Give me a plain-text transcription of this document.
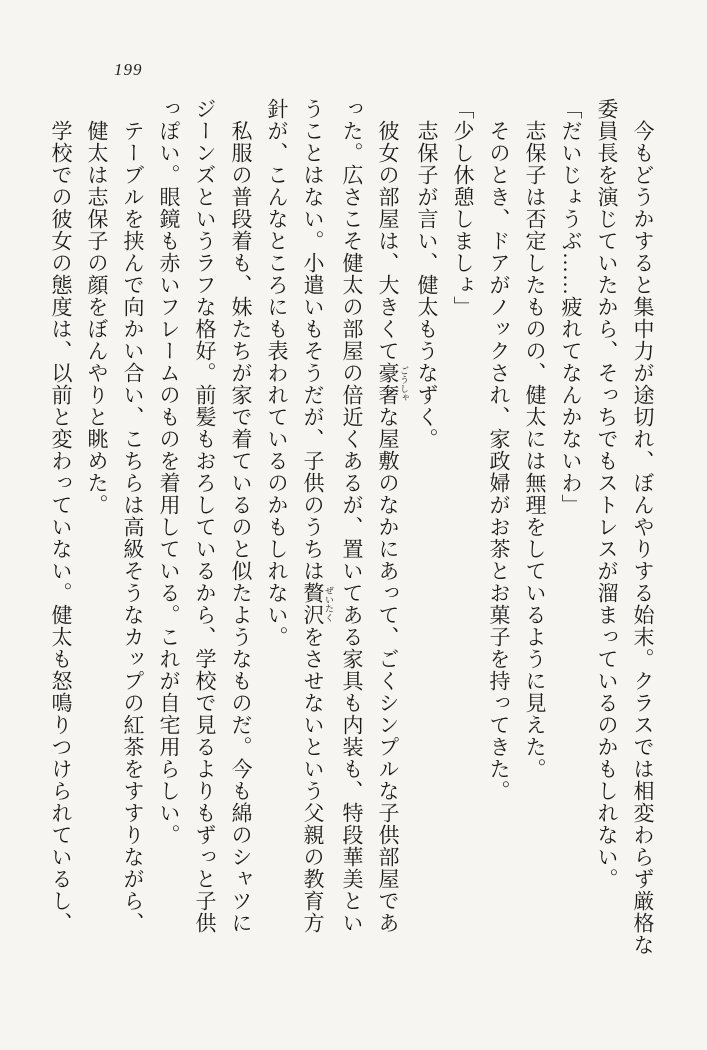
199
　今もどうかすると集中力が途切れ、ぼんやりする始末。クラスでは相変わらず厳格な
委員長を演じていたから、そっちでもストレスが溜まっているのかもしれない。
「だいじょうぶ……疲れてなんかないわ」
　志保子は否定したものの、健太には無理をしているように見えた。
　そのとき、ドアがノックされ、家政婦がお茶とお菓子を持ってきた。
「少し休憩しましょ」
　志保子が言い、健太もうなずく。
　彼女の部屋は、大きくて豪奢 ごうしゃな屋敷のなかにあって、ごくシンプルな子供部屋であ
った。広さこそ健太の部屋の倍近くあるが、置いてある家具も内装も、特段華美とい
うことはない。小遣いもそうだが、子供のうちは贅沢 ぜいたくをさせないという父親の教育方
針が、こんなところにも表われているのかもしれない。
　私服の普段着も、妹たちが家で着ているのと似たようなものだ。今も綿のシャツに
ジーンズというラフな格好。前髪もおろしているから、学校で見るよりもずっと子供
っぽい。眼鏡も赤いフレームのものを着用している。これが自宅用らしい。
　テーブルを挟んで向かい合い、こちらは高級そうなカップの紅茶をすすりながら、
　健太は志保子の顔をぼんやりと眺めた。
　学校での彼女の態度は、以前と変わっていない。健太も怒鳴りつけられているし、
